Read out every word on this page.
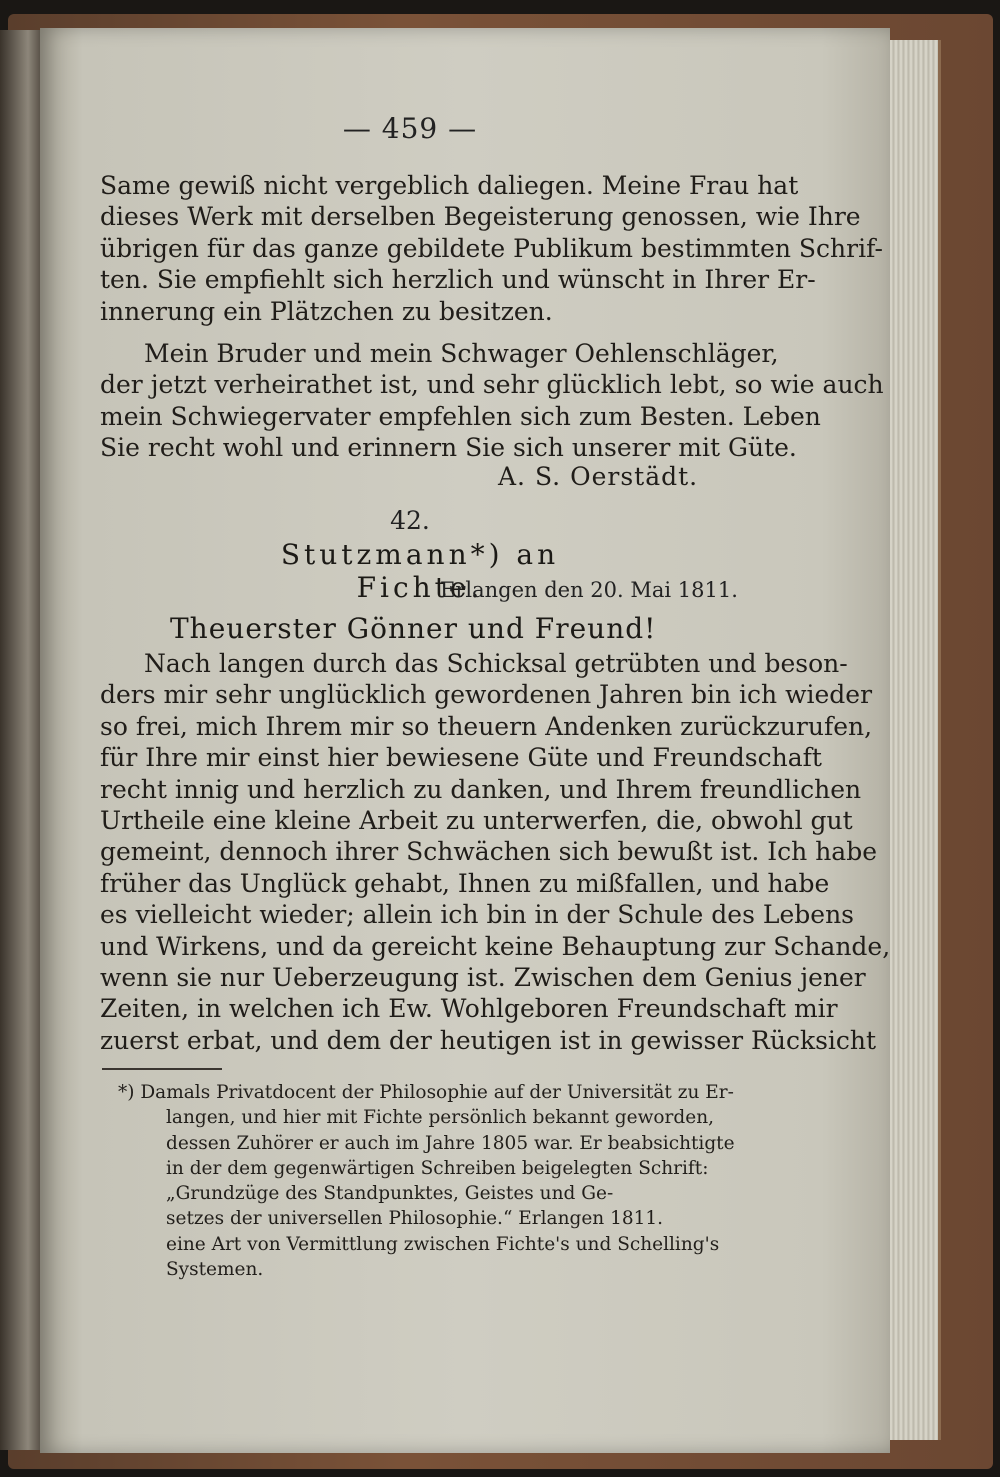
— 459 —
Same gewiß nicht vergeblich daliegen. Meine Frau hat
dieses Werk mit derselben Begeisterung genossen, wie Ihre
übrigen für das ganze gebildete Publikum bestimmten Schrif-
ten. Sie empfiehlt sich herzlich und wünscht in Ihrer Er-
innerung ein Plätzchen zu besitzen.
Mein Bruder und mein Schwager Oehlenschläger,
der jetzt verheirathet ist, und sehr glücklich lebt, so wie auch
mein Schwiegervater empfehlen sich zum Besten. Leben
Sie recht wohl und erinnern Sie sich unserer mit Güte.
A. S. Oerstädt.
42.
Stutzmann*) an Fichte.
Erlangen den 20. Mai 1811.
Theuerster Gönner und Freund!
Nach langen durch das Schicksal getrübten und beson-
ders mir sehr unglücklich gewordenen Jahren bin ich wieder
so frei, mich Ihrem mir so theuern Andenken zurückzurufen,
für Ihre mir einst hier bewiesene Güte und Freundschaft
recht innig und herzlich zu danken, und Ihrem freundlichen
Urtheile eine kleine Arbeit zu unterwerfen, die, obwohl gut
gemeint, dennoch ihrer Schwächen sich bewußt ist. Ich habe
früher das Unglück gehabt, Ihnen zu mißfallen, und habe
es vielleicht wieder; allein ich bin in der Schule des Lebens
und Wirkens, und da gereicht keine Behauptung zur Schande,
wenn sie nur Ueberzeugung ist. Zwischen dem Genius jener
Zeiten, in welchen ich Ew. Wohlgeboren Freundschaft mir
zuerst erbat, und dem der heutigen ist in gewisser Rücksicht
*) Damals Privatdocent der Philosophie auf der Universität zu Er-
langen, und hier mit Fichte persönlich bekannt geworden,
dessen Zuhörer er auch im Jahre 1805 war. Er beabsichtigte
in der dem gegenwärtigen Schreiben beigelegten Schrift:
„Grundzüge des Standpunktes, Geistes und Ge-
setzes der universellen Philosophie.“ Erlangen 1811.
eine Art von Vermittlung zwischen Fichte's und Schelling's
Systemen.
